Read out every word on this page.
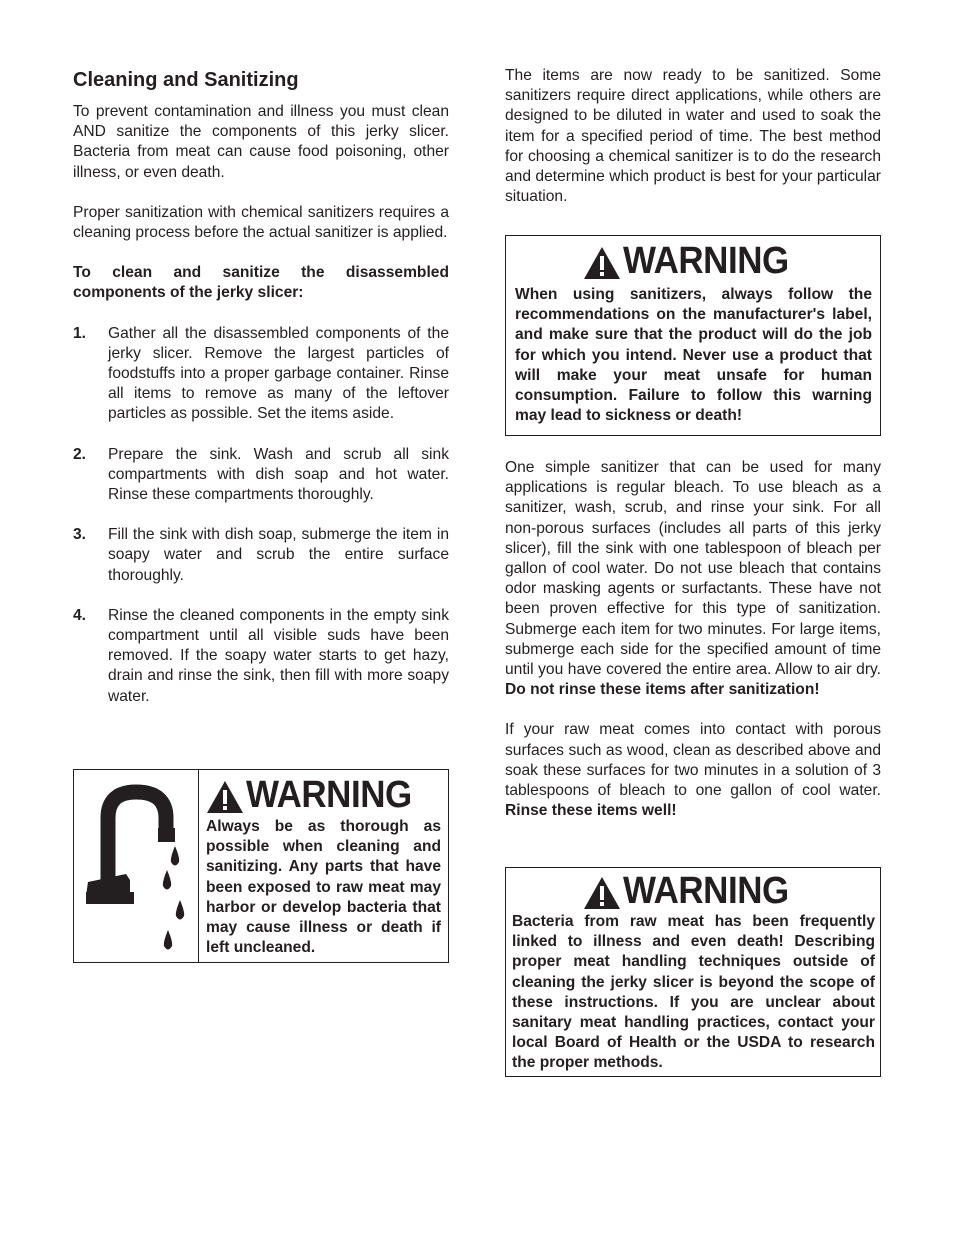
Cleaning and Sanitizing

To prevent contamination and illness you must clean AND sanitize the components of this jerky slicer. Bacteria from meat can cause food poisoning, other illness, or even death.

Proper sanitization with chemical sanitizers requires a cleaning process before the actual sanitizer is applied.

To clean and sanitize the disassembled components of the jerky slicer:

1.	Gather all the disassembled components of the jerky slicer. Remove the largest particles of foodstuffs into a proper garbage container. Rinse all items to remove as many of the leftover particles as possible. Set the items aside.
2.	Prepare the sink. Wash and scrub all sink compartments with dish soap and hot water. Rinse these compartments thoroughly.
3.	Fill the sink with dish soap, submerge the item in soapy water and scrub the entire surface thoroughly.
4.	Rinse the cleaned components in the empty sink compartment until all visible suds have been removed. If the soapy water starts to get hazy, drain and rinse the sink, then fill with more soapy water.
WARNING
Always be as thorough as possible when cleaning and sanitizing. Any parts that have been exposed to raw meat may harbor or develop bacteria that may cause illness or death if left uncleaned.

The items are now ready to be sanitized. Some sanitizers require direct applications, while others are designed to be diluted in water and used to soak the item for a specified period of time. The best method for choosing a chemical sanitizer is to do the research and determine which product is best for your particular situation.

WARNING
When using sanitizers, always follow the recommendations on the manufacturer's label, and make sure that the product will do the job for which you intend. Never use a product that will make your meat unsafe for human consumption. Failure to follow this warning may lead to sickness or death!

One simple sanitizer that can be used for many applications is regular bleach. To use bleach as a sanitizer, wash, scrub, and rinse your sink. For all non-porous surfaces (includes all parts of this jerky slicer), fill the sink with one tablespoon of bleach per gallon of cool water. Do not use bleach that contains odor masking agents or surfactants. These have not been proven effective for this type of sanitization. Submerge each item for two minutes. For large items, submerge each side for the specified amount of time until you have covered the entire area. Allow to air dry. Do not rinse these items after sanitization!

If your raw meat comes into contact with porous surfaces such as wood, clean as described above and soak these surfaces for two minutes in a solution of 3 tablespoons of bleach to one gallon of cool water. Rinse these items well!

WARNING
Bacteria from raw meat has been frequently linked to illness and even death! Describing proper meat handling techniques outside of cleaning the jerky slicer is beyond the scope of these instructions. If you are unclear about sanitary meat handling practices, contact your local Board of Health or the USDA to research the proper methods.
